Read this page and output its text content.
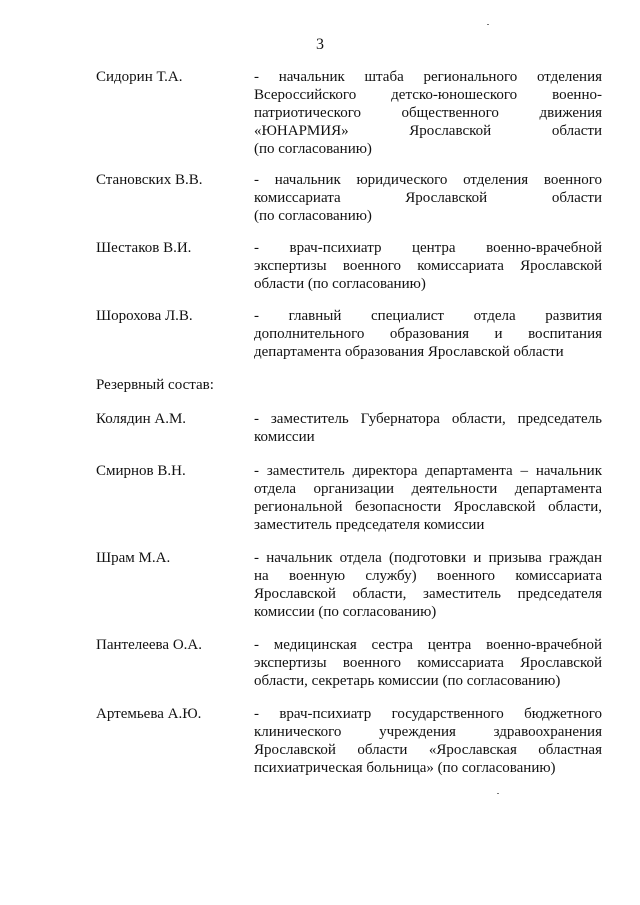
3
Сидорин Т.А.	- начальник штаба регионального отделения
Всероссийского детско-юношеского военно-
патриотического общественного движения
«ЮНАРМИЯ» Ярославской области
(по согласованию)
Становских В.В.	- начальник юридического отделения военного
комиссариата Ярославской области
(по согласованию)
Шестаков В.И.	- врач-психиатр центра военно-врачебной
экспертизы военного комиссариата Ярославской
области (по согласованию)
Шорохова Л.В.	- главный специалист отдела развития
дополнительного образования и воспитания
департамента образования Ярославской области
Резервный состав:
Колядин А.М.	- заместитель Губернатора области, председатель
комиссии
Смирнов В.Н.	- заместитель директора департамента – начальник
отдела организации деятельности департамента
региональной безопасности Ярославской области,
заместитель председателя комиссии
Шрам М.А.	- начальник отдела (подготовки и призыва граждан
на военную службу) военного комиссариата
Ярославской области, заместитель председателя
комиссии (по согласованию)
Пантелеева О.А.	- медицинская сестра центра военно-врачебной
экспертизы военного комиссариата Ярославской
области, секретарь комиссии (по согласованию)
Артемьева А.Ю.	- врач-психиатр государственного бюджетного
клинического учреждения здравоохранения
Ярославской области «Ярославская областная
психиатрическая больница» (по согласованию)
